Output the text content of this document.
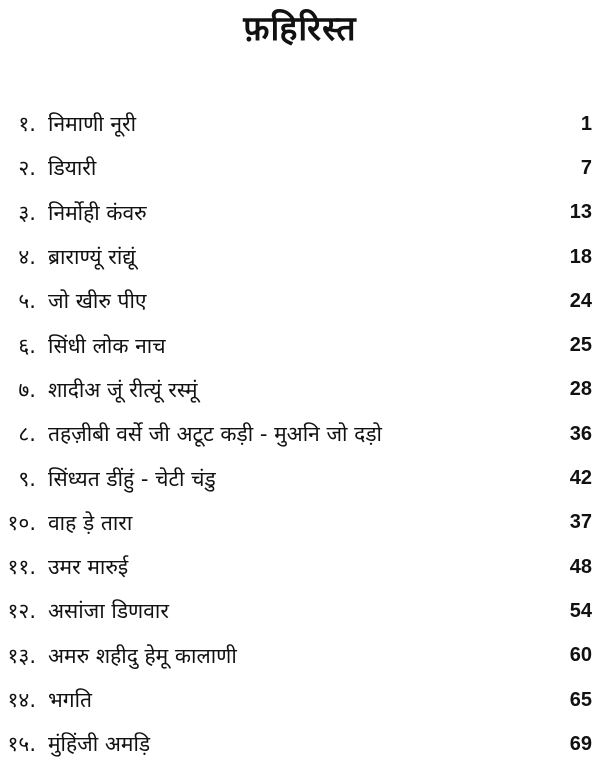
फ़हिरिस्त
१. निमाणी नूरी	1
२. डियारी	7
३. निर्मोही कंवरु	13
४. ब्राराण्यूं रांद्यूं	18
५. जो खीरु पीए	24
६. सिंधी लोक नाच	25
७. शादीअ जूं रीत्यूं रस्मूं	28
८. तहज़ीबी वर्से जी अटूट कड़ी - मुअनि जो दड़ो	36
९. सिंध्यत डींहुं - चेटी चंडु	42
१०. वाह ड़े तारा	37
११. उमर मारुई	48
१२. असांजा डिणवार	54
१३. अमरु शहीदु हेमू कालाणी	60
१४. भगति	65
१५. मुंहिंजी अमड़ि	69
